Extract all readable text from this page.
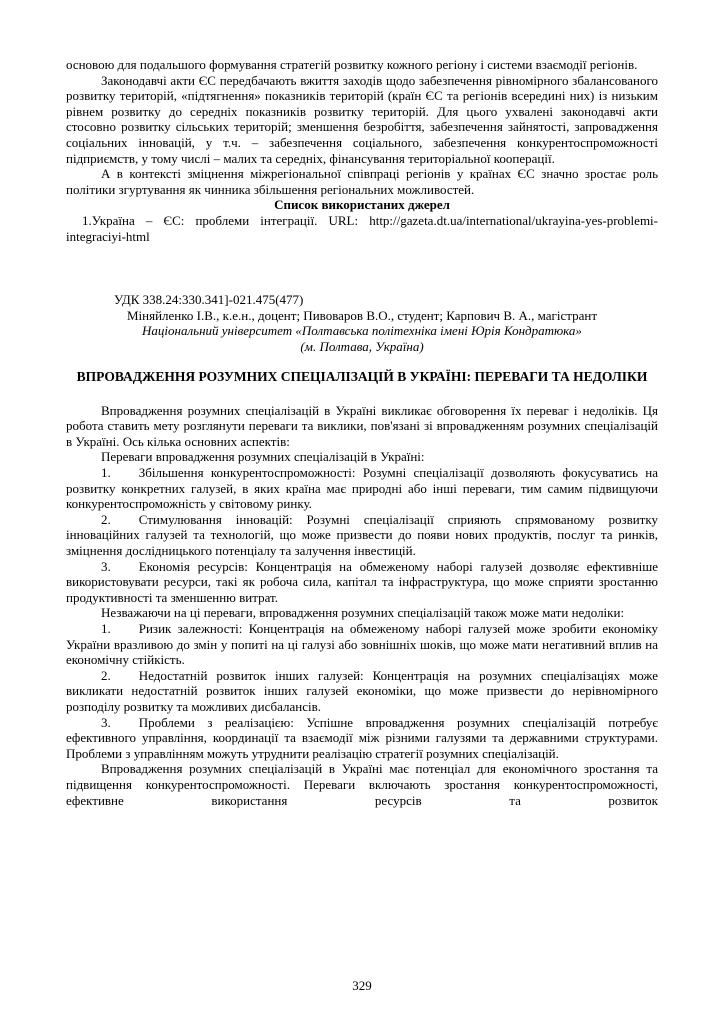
основою для подальшого формування стратегій розвитку кожного регіону і системи взаємодії регіонів.

Законодавчі акти ЄС передбачають вжиття заходів щодо забезпечення рівномірного збалансованого розвитку територій, «підтягнення» показників територій (країн ЄС та регіонів всередині них) із низьким рівнем розвитку до середніх показників розвитку територій. Для цього ухвалені законодавчі акти стосовно розвитку сільських територій; зменшення безробіття, забезпечення зайнятості, запровадження соціальних інновацій, у т.ч. – забезпечення соціального, забезпечення конкурентоспроможності підприємств, у тому числі – малих та середніх, фінансування територіальної кооперації.

А в контексті зміцнення міжрегіональної співпраці регіонів у країнах ЄС значно зростає роль політики згуртування як чинника збільшення регіональних можливостей.

Список використаних джерел

1.Україна – ЄС: проблеми інтеграції. URL: http://gazeta.dt.ua/international/ukrayina-yes-problemi-integraciyi-html

УДК 338.24:330.341]-021.475(477)

Міняйленко І.В., к.е.н., доцент; Пивоваров В.О., студент; Карпович В. А., магістрант

Національний університет «Полтавська політехніка імені Юрія Кондратюка»

(м. Полтава, Україна)

ВПРОВАДЖЕННЯ РОЗУМНИХ СПЕЦІАЛІЗАЦІЙ В УКРАЇНІ: ПЕРЕВАГИ ТА НЕДОЛІКИ

Впровадження розумних спеціалізацій в Україні викликає обговорення їх переваг і недоліків. Ця робота ставить мету розглянути переваги та виклики, пов'язані зі впровадженням розумних спеціалізацій в Україні. Ось кілька основних аспектів:

Переваги впровадження розумних спеціалізацій в Україні:

1. Збільшення конкурентоспроможності: Розумні спеціалізації дозволяють фокусуватись на розвитку конкретних галузей, в яких країна має природні або інші переваги, тим самим підвищуючи конкурентоспроможність у світовому ринку.

2. Стимулювання інновацій: Розумні спеціалізації сприяють спрямованому розвитку інноваційних галузей та технологій, що може призвести до появи нових продуктів, послуг та ринків, зміцнення дослідницького потенціалу та залучення інвестицій.

3. Економія ресурсів: Концентрація на обмеженому наборі галузей дозволяє ефективніше використовувати ресурси, такі як робоча сила, капітал та інфраструктура, що може сприяти зростанню продуктивності та зменшенню витрат.

Незважаючи на ці переваги, впровадження розумних спеціалізацій також може мати недоліки:

1. Ризик залежності: Концентрація на обмеженому наборі галузей може зробити економіку України вразливою до змін у попиті на ці галузі або зовнішніх шоків, що може мати негативний вплив на економічну стійкість.

2. Недостатній розвиток інших галузей: Концентрація на розумних спеціалізаціях може викликати недостатній розвиток інших галузей економіки, що може призвести до нерівномірного розподілу розвитку та можливих дисбалансів.

3. Проблеми з реалізацією: Успішне впровадження розумних спеціалізацій потребує ефективного управління, координації та взаємодії між різними галузями та державними структурами. Проблеми з управлінням можуть утруднити реалізацію стратегії розумних спеціалізацій.

Впровадження розумних спеціалізацій в Україні має потенціал для економічного зростання та підвищення конкурентоспроможності. Переваги включають зростання конкурентоспроможності, ефективне використання ресурсів та розвиток

329
